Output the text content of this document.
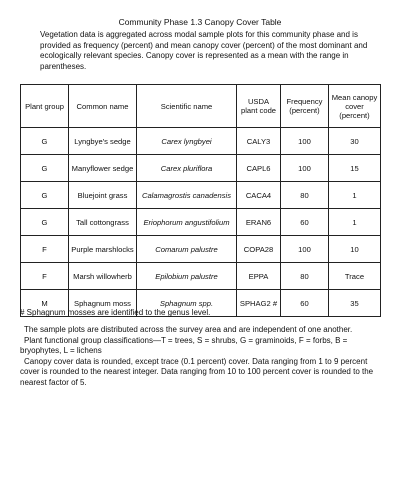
Community Phase 1.3 Canopy Cover Table
Vegetation data is aggregated across modal sample plots for this community phase and is provided as frequency (percent) and mean canopy cover (percent) of the most dominant and ecologically relevant species. Canopy cover is represented as a mean with the range in parentheses.
Plant group	Common name	Scientific name	USDA plant code	Frequency (percent)	Mean canopy cover (percent)
G	Lyngbye's sedge	Carex lyngbyei	CALY3	100	30
G	Manyflower sedge	Carex pluriflora	CAPL6	100	15
G	Bluejoint grass	Calamagrostis canadensis	CACA4	80	1
G	Tall cottongrass	Eriophorum angustifolium	ERAN6	60	1
F	Purple marshlocks	Comarum palustre	COPA28	100	10
F	Marsh willowherb	Epilobium palustre	EPPA	80	Trace
M	Sphagnum moss	Sphagnum spp.	SPHAG2 #	60	35
# Sphagnum mosses are identified to the genus level.

The sample plots are distributed across the survey area and are independent of one another.

Plant functional group classifications—T = trees, S = shrubs, G = graminoids, F = forbs, B = bryophytes, L = lichens

Canopy cover data is rounded, except trace (0.1 percent) cover. Data ranging from 1 to 9 percent cover is rounded to the nearest integer. Data ranging from 10 to 100 percent cover is rounded to the nearest factor of 5.
